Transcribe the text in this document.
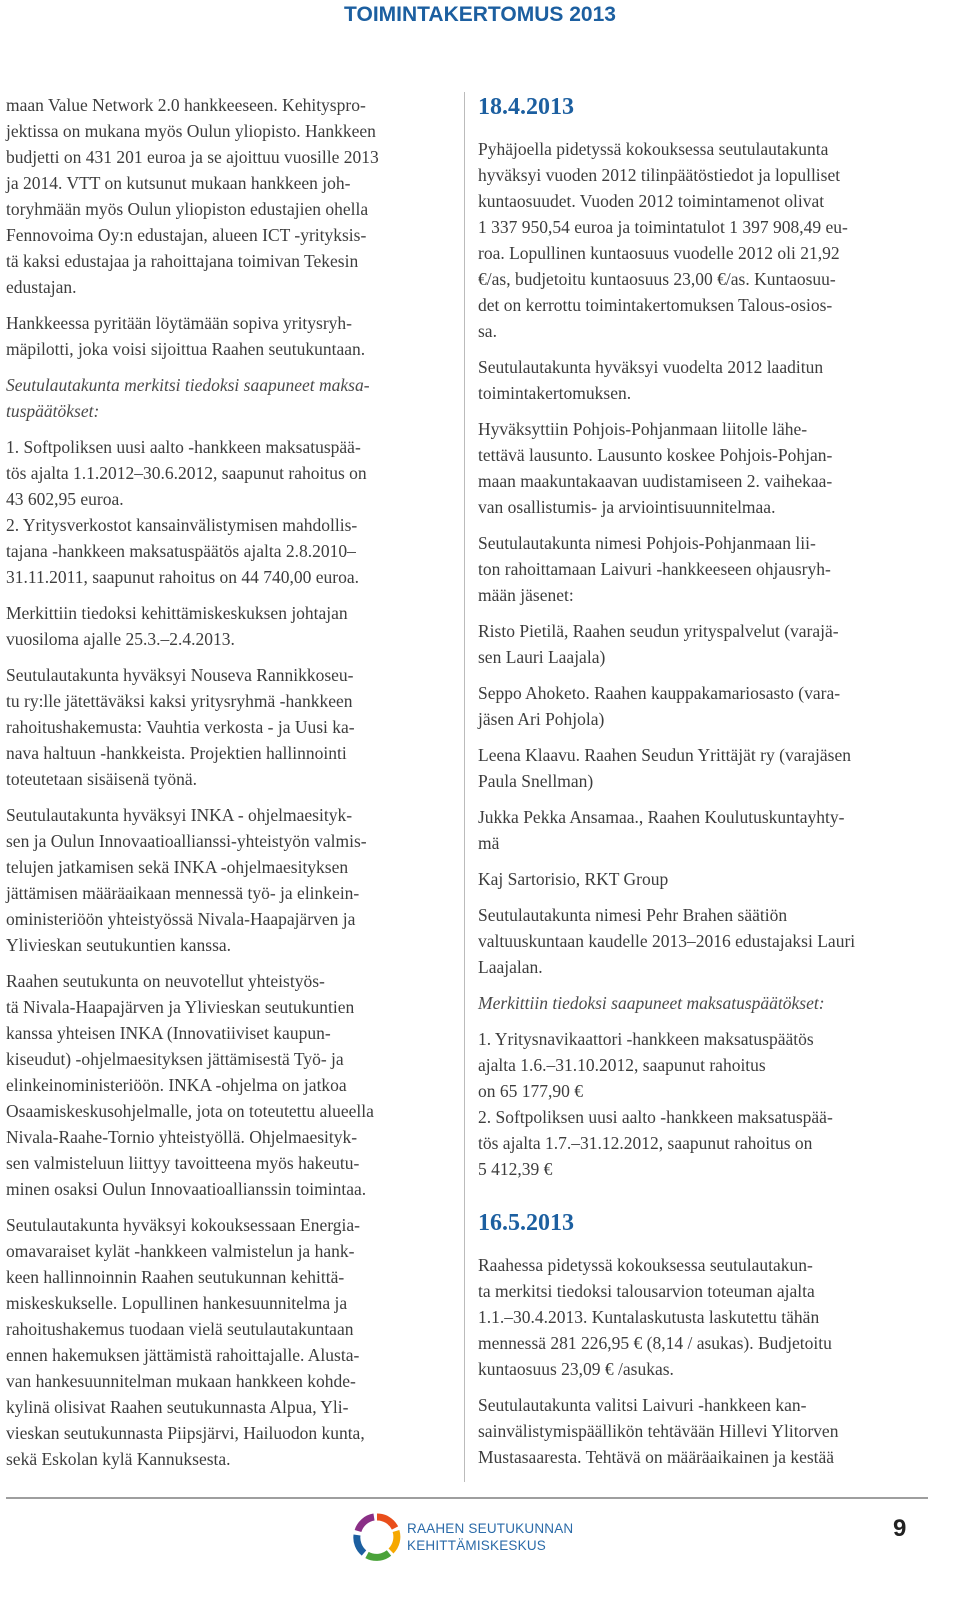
TOIMINTAKERTOMUS 2013

maan Value Network 2.0 hankkeeseen. Kehityspro-
jektissa on mukana myös Oulun yliopisto. Hankkeen
budjetti on 431 201 euroa ja se ajoittuu vuosille 2013
ja 2014. VTT on kutsunut mukaan hankkeen joh-
toryhmään myös Oulun yliopiston edustajien ohella
Fennovoima Oy:n edustajan, alueen ICT -yrityksis-
tä kaksi edustajaa ja rahoittajana toimivan Tekesin
edustajan.

Hankkeessa pyritään löytämään sopiva yritysryh-
mäpilotti, joka voisi sijoittua Raahen seutukuntaan.

Seutulautakunta merkitsi tiedoksi saapuneet maksa-
tuspäätökset:

1. Softpoliksen uusi aalto -hankkeen maksatuspää-
tös ajalta 1.1.2012–30.6.2012, saapunut rahoitus on
43 602,95 euroa.

2. Yritysverkostot kansainvälistymisen mahdollis-
tajana -hankkeen maksatuspäätös ajalta 2.8.2010–
31.11.2011, saapunut rahoitus on 44 740,00 euroa.

Merkittiin tiedoksi kehittämiskeskuksen johtajan
vuosiloma ajalle 25.3.–2.4.2013.

Seutulautakunta hyväksyi Nouseva Rannikkoseu-
tu ry:lle jätettäväksi kaksi yritysryhmä -hankkeen
rahoitushakemusta: Vauhtia verkosta - ja Uusi ka-
nava haltuun -hankkeista. Projektien hallinnointi
toteutetaan sisäisenä työnä.

Seutulautakunta hyväksyi INKA - ohjelmaesityk-
sen ja Oulun Innovaatioallianssi-yhteistyön valmis-
telujen jatkamisen sekä INKA -ohjelmaesityksen
jättämisen määräaikaan mennessä työ- ja elinkein-
oministeriöön yhteistyössä Nivala-Haapajärven ja
Ylivieskan seutukuntien kanssa.

Raahen seutukunta on neuvotellut yhteistyös-
tä Nivala-Haapajärven ja Ylivieskan seutukuntien
kanssa yhteisen INKA (Innovatiiviset kaupun-
kiseudut) -ohjelmaesityksen jättämisestä Työ- ja
elinkeinoministeriöön. INKA -ohjelma on jatkoa
Osaamiskeskusohjelmalle, jota on toteutettu alueella
Nivala-Raahe-Tornio yhteistyöllä. Ohjelmaesityk-
sen valmisteluun liittyy tavoitteena myös hakeutu-
minen osaksi Oulun Innovaatioallianssin toimintaa.

Seutulautakunta hyväksyi kokouksessaan Energia-
omavaraiset kylät -hankkeen valmistelun ja hank-
keen hallinnoinnin Raahen seutukunnan kehittä-
miskeskukselle. Lopullinen hankesuunnitelma ja
rahoitushakemus tuodaan vielä seutulautakuntaan
ennen hakemuksen jättämistä rahoittajalle. Alusta-
van hankesuunnitelman mukaan hankkeen kohde-
kylinä olisivat Raahen seutukunnasta Alpua, Yli-
vieskan seutukunnasta Piipsjärvi, Hailuodon kunta,
sekä Eskolan kylä Kannuksesta.

18.4.2013

Pyhäjoella pidetyssä kokouksessa seutulautakunta
hyväksyi vuoden 2012 tilinpäätöstiedot ja lopulliset
kuntaosuudet. Vuoden 2012 toimintamenot olivat
1 337 950,54 euroa ja toimintatulot 1 397 908,49 eu-
roa. Lopullinen kuntaosuus vuodelle 2012 oli 21,92
€/as, budjetoitu kuntaosuus 23,00 €/as. Kuntaosuu-
det on kerrottu toimintakertomuksen Talous-osios-
sa.

Seutulautakunta hyväksyi vuodelta 2012 laaditun
toimintakertomuksen.

Hyväksyttiin Pohjois-Pohjanmaan liitolle lähe-
tettävä lausunto. Lausunto koskee Pohjois-Pohjan-
maan maakuntakaavan uudistamiseen 2. vaihekaa-
van osallistumis- ja arviointisuunnitelmaa.

Seutulautakunta nimesi Pohjois-Pohjanmaan lii-
ton rahoittamaan Laivuri -hankkeeseen ohjausryh-
mään jäsenet:

Risto Pietilä, Raahen seudun yrityspalvelut (varajä-
sen Lauri Laajala)

Seppo Ahoketo. Raahen kauppakamariosasto (vara-
jäsen Ari Pohjola)

Leena Klaavu. Raahen Seudun Yrittäjät ry (varajäsen
Paula Snellman)

Jukka Pekka Ansamaa., Raahen Koulutuskuntayhty-
mä

Kaj Sartorisio, RKT Group

Seutulautakunta nimesi Pehr Brahen säätiön
valtuuskuntaan kaudelle 2013–2016 edustajaksi Lauri
Laajalan.

Merkittiin tiedoksi saapuneet maksatuspäätökset:

1. Yritysnavikaattori -hankkeen maksatuspäätös
ajalta 1.6.–31.10.2012, saapunut rahoitus
on 65 177,90 €

2. Softpoliksen uusi aalto -hankkeen maksatuspää-
tös ajalta 1.7.–31.12.2012, saapunut rahoitus on
5 412,39 €

16.5.2013

Raahessa pidetyssä kokouksessa seutulautakun-
ta merkitsi tiedoksi talousarvion toteuman ajalta
1.1.–30.4.2013. Kuntalaskutusta laskutettu tähän
mennessä 281 226,95 € (8,14 / asukas). Budjetoitu
kuntaosuus 23,09 € /asukas.

Seutulautakunta valitsi Laivuri -hankkeen kan-
sainvälistymispäällikön tehtävään Hillevi Ylitorven
Mustasaaresta. Tehtävä on määräaikainen ja kestää

RAAHEN SEUTUKUNNAN
KEHITTÄMISKESKUS
9
